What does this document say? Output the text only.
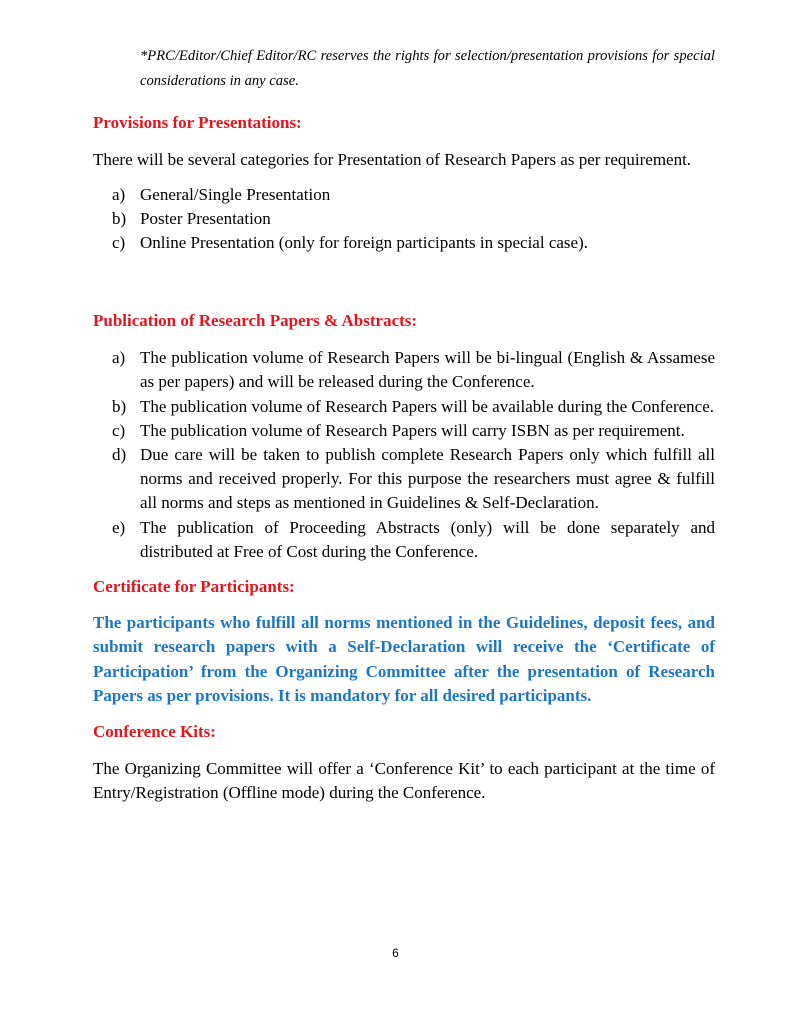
*PRC/Editor/Chief Editor/RC reserves the rights for selection/presentation provisions for special considerations in any case.

Provisions for Presentations:

There will be several categories for Presentation of Research Papers as per requirement.

a) General/Single Presentation
b) Poster Presentation
c) Online Presentation (only for foreign participants in special case).
Publication of Research Papers & Abstracts:
a) The publication volume of Research Papers will be bi-lingual (English & Assamese as per papers) and will be released during the Conference.
b) The publication volume of Research Papers will be available during the Conference.
c) The publication volume of Research Papers will carry ISBN as per requirement.
d) Due care will be taken to publish complete Research Papers only which fulfill all norms and received properly. For this purpose the researchers must agree & fulfill all norms and steps as mentioned in Guidelines & Self-Declaration.
e) The publication of Proceeding Abstracts (only) will be done separately and distributed at Free of Cost during the Conference.
Certificate for Participants:

The participants who fulfill all norms mentioned in the Guidelines, deposit fees, and submit research papers with a Self-Declaration will receive the ‘Certificate of Participation’ from the Organizing Committee after the presentation of Research Papers as per provisions. It is mandatory for all desired participants.

Conference Kits:

The Organizing Committee will offer a ‘Conference Kit’ to each participant at the time of Entry/Registration (Offline mode) during the Conference.

6
